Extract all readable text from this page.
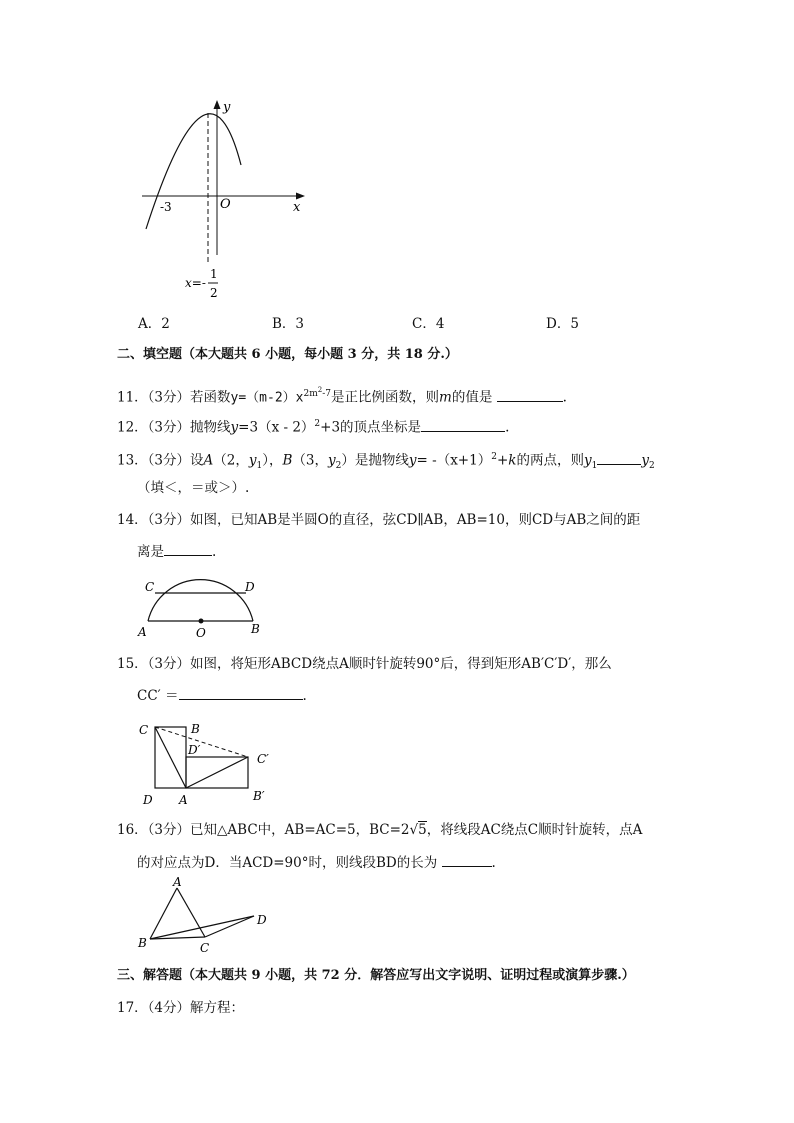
y
x
O
-3
x=-
1
2
A．2	B．3	C．4	D．5
二、填空题（本大题共 6 小题，每小题 3 分，共 18 分.）
11．（3分）若函数$y=(m-2)x^{2m^2-7}$是正比例函数，则m的值是	.
12．（3分）抛物线y=3（x - 2）$^2$+3的顶点坐标是	.
13．（3分）设A（2，$y_1$），B（3，$y_2$）是抛物线$y= -(x+1)^2+k$的两点，则$y_1$	$y_2$
（填＜，＝或＞）.
14．（3分）如图，已知AB是半圆O的直径，弦CD∥AB，AB=10，则CD与AB之间的距
离是	.
C	D
A	O	B
15．（3分）如图，将矩形ABCD绕点A顺时针旋转90°后，得到矩形AB′C′D′，那么
CC′ ＝	.
C	B
D′
C′
D A	B′
16．（3分）已知△ABC中，AB=AC=5，BC=2√5，将线段AC绕点C顺时针旋转，点A
的对应点为D．当ACD=90°时，则线段BD的长为	.
A
B	C
D
三、解答题（本大题共 9 小题，共 72 分．解答应写出文字说明、证明过程或演算步骤.）
17．（4分）解方程：
